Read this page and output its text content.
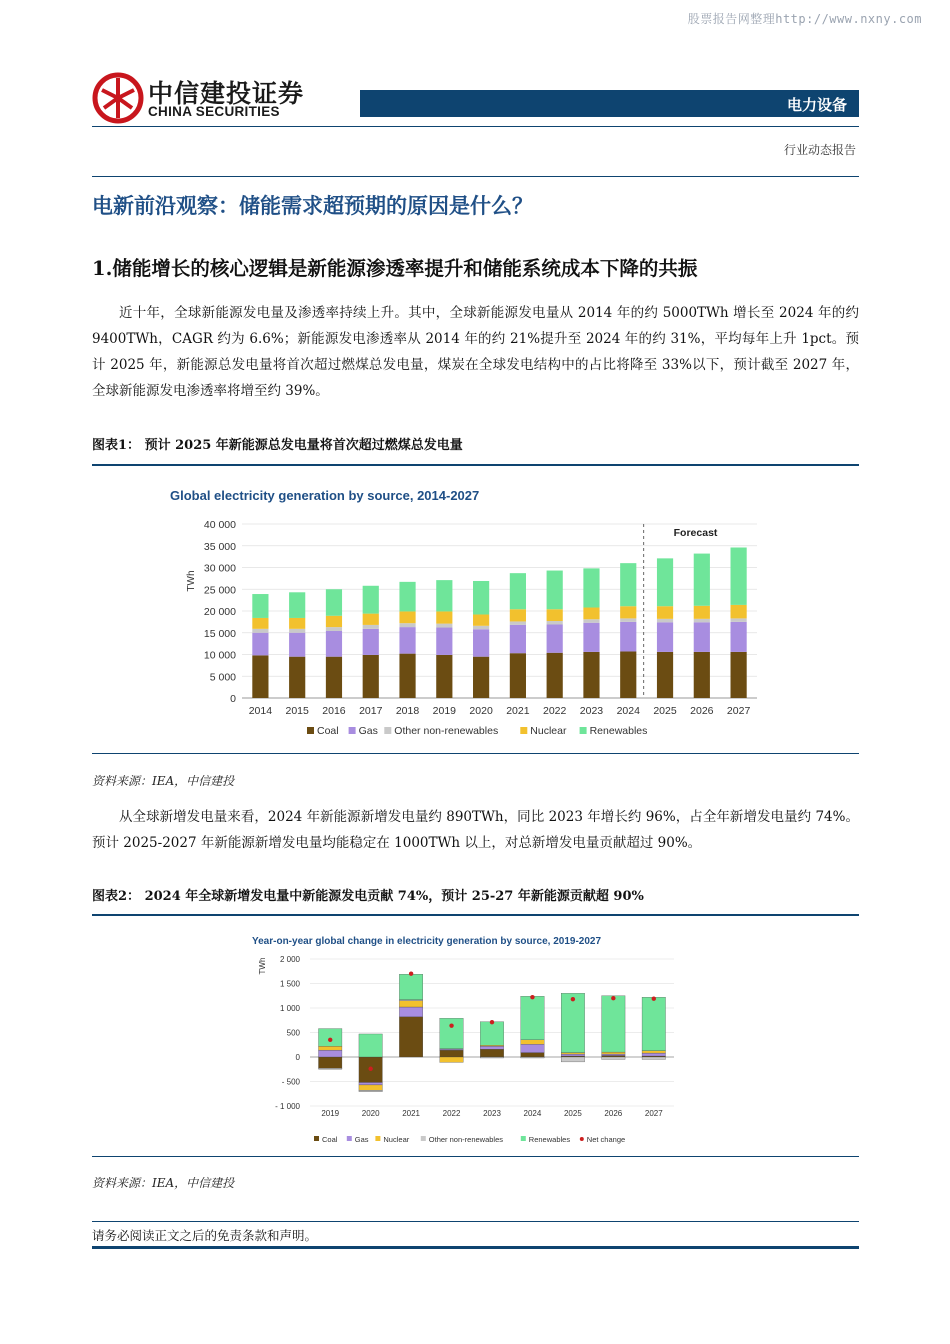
股票报告网整理http://www.nxny.com
中信建投证券
CHINA SECURITIES	电力设备
行业动态报告
电新前沿观察：储能需求超预期的原因是什么？
1.储能增长的核心逻辑是新能源渗透率提升和储能系统成本下降的共振

近十年，全球新能源发电量及渗透率持续上升。其中，全球新能源发电量从 2014 年的约 5000TWh 增长至 2024 年的约 9400TWh，CAGR 约为 6.6%；新能源发电渗透率从 2014 年的约 21%提升至 2024 年的约 31%，平均每年上升 1pct。预计 2025 年，新能源总发电量将首次超过燃煤总发电量，煤炭在全球发电结构中的占比将降至 33%以下，预计截至 2027 年，全球新能源发电渗透率将增至约 39%。

图表1： 预计 2025 年新能源总发电量将首次超过燃煤总发电量
Global electricity generation by source, 2014-2027
TWh
0
5 000
10 000
15 000
20 000
25 000
30 000
35 000
40 000
Forecast
2014 2015 2016 2017 2018 2019 2020 2021 2022 2023 2024 2025 2026 2027
Coal Gas Other non-renewables	Nuclear Renewables
资料来源：IEA，中信建投

从全球新增发电量来看，2024 年新能源新增发电量约 890TWh，同比 2023 年增长约 96%，占全年新增发电量约 74%。预计 2025-2027 年新能源新增发电量均能稳定在 1000TWh 以上，对总新增发电量贡献超过 90%。

图表2： 2024 年全球新增发电量中新能源发电贡献 74%，预计 25-27 年新能源贡献超 90%
Year-on-year global change in electricity generation by source, 2019-2027
TWh
- 1 000
- 500
0
500
1 000
1 500
2 000
2019	2020	2021	2022	2023	2024	2025	2026	2027
Coal Gas Nuclear	Other non-renewables	Renewables Net change
资料来源：IEA，中信建投
请务必阅读正文之后的免责条款和声明。
